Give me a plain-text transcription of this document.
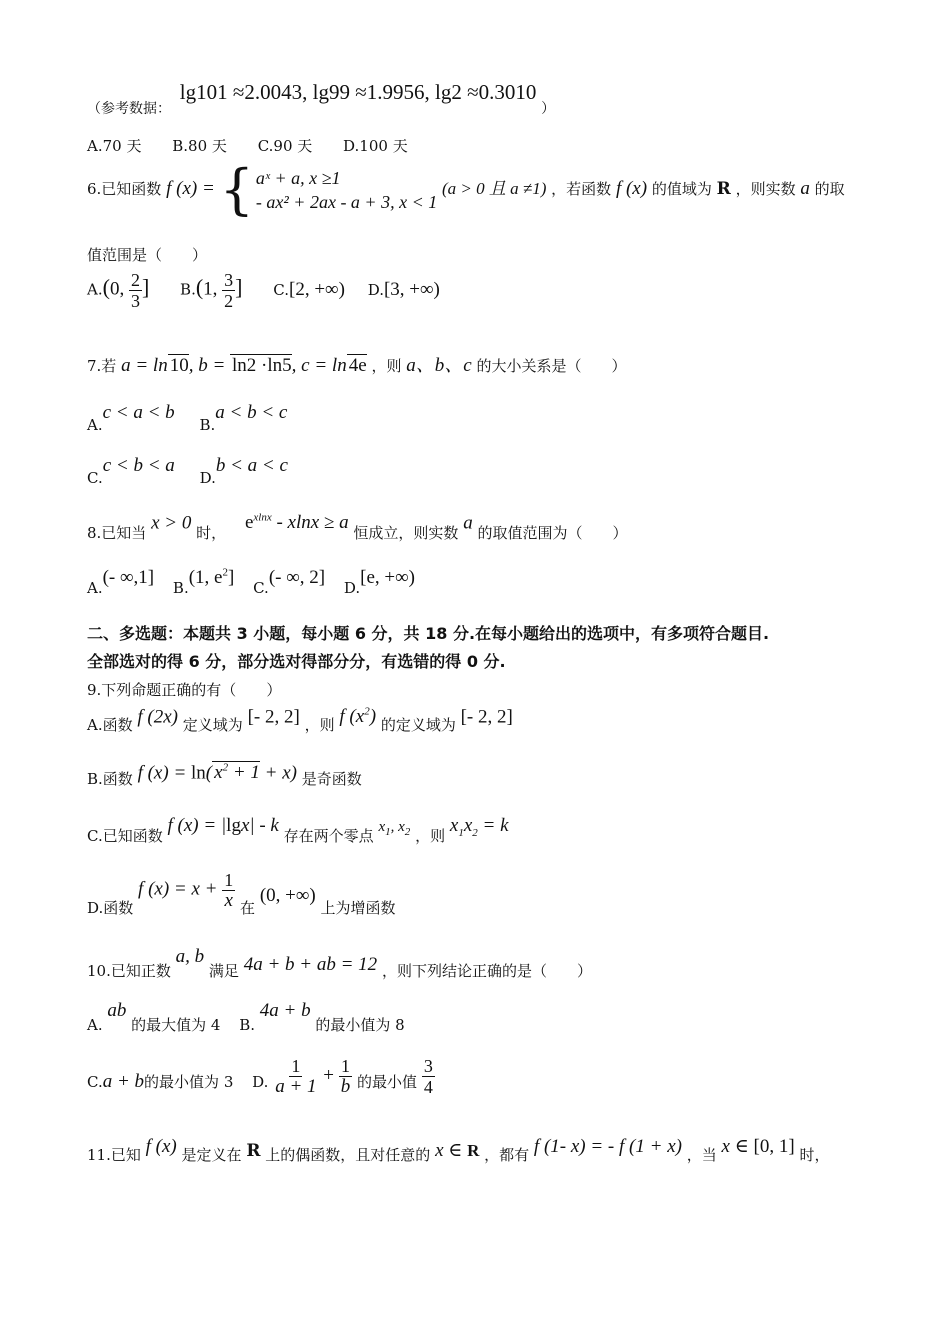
（参考数据： lg101 ≈2.0043, lg99 ≈1.9956, lg2 ≈0.3010 ）
A.70 天 B.80 天 C.90 天 D.100 天
6.已知函数 f (x) = { aˣ + a, x ≥1
- ax² + 2ax - a + 3, x < 1
(a > 0 且 a ≠1) ，若函数 f (x) 的值域为 R ，则实数 a 的取
值范围是（　　）
A.(0, $\frac{2}{3}$ ] B.(1, $\frac{3}{2}$ ] C.[2, +∞) D.[3, +∞)
7.若 a = ln 10, b = ln2 ·ln5, c = ln 4e ，则 a、b、c 的大小关系是（　　）
A.c < a < b B.a < b < c
C.c < b < a D.b < a < c
8.已知当 x > 0 时， $e^{xlnx} - xlnx \ge a$ 恒成立，则实数 a 的取值范围为（　　）
A.(- ∞,1] B.(1, $e^2$] C.(- ∞, 2] D.[e, +∞)
二、多选题：本题共 3 小题，每小题 6 分，共 18 分.在每小题给出的选项中，有多项符合题目.
全部选对的得 6 分，部分选对得部分分，有选错的得 0 分.
9.下列命题正确的有（　　）
A.函数 f (2x) 定义域为 [- 2, 2] ，则 f $(x^2)$ 的定义域为 [- 2, 2]
B.函数 f (x) = ln( $x^2 + 1 + x$) 是奇函数
C.已知函数 f (x) = |lgx| - k 存在两个零点 $x_1$, $x_2$ ，则 $x_1x_2 = k$
D.函数 f $(x) = x + \frac{1}{x}$ 在 (0, +∞) 上为增函数
10.已知正数 a, b 满足 4a + b + ab = 12 ，则下列结论正确的是（　　）
A. ab 的最大值为 4 B. 4a + b 的最小值为 8
C.a + b的最小值为 3 D. $\frac{1}{a + 1} + \frac{1}{b}$ 的最小值 $\frac{3}{4}$
11.已知 f (x) 是定义在 R 上的偶函数，且对任意的 x ∈ R ，都有 f (1- x) = - f (1 + x) ，当 x ∈ [0, 1] 时，
